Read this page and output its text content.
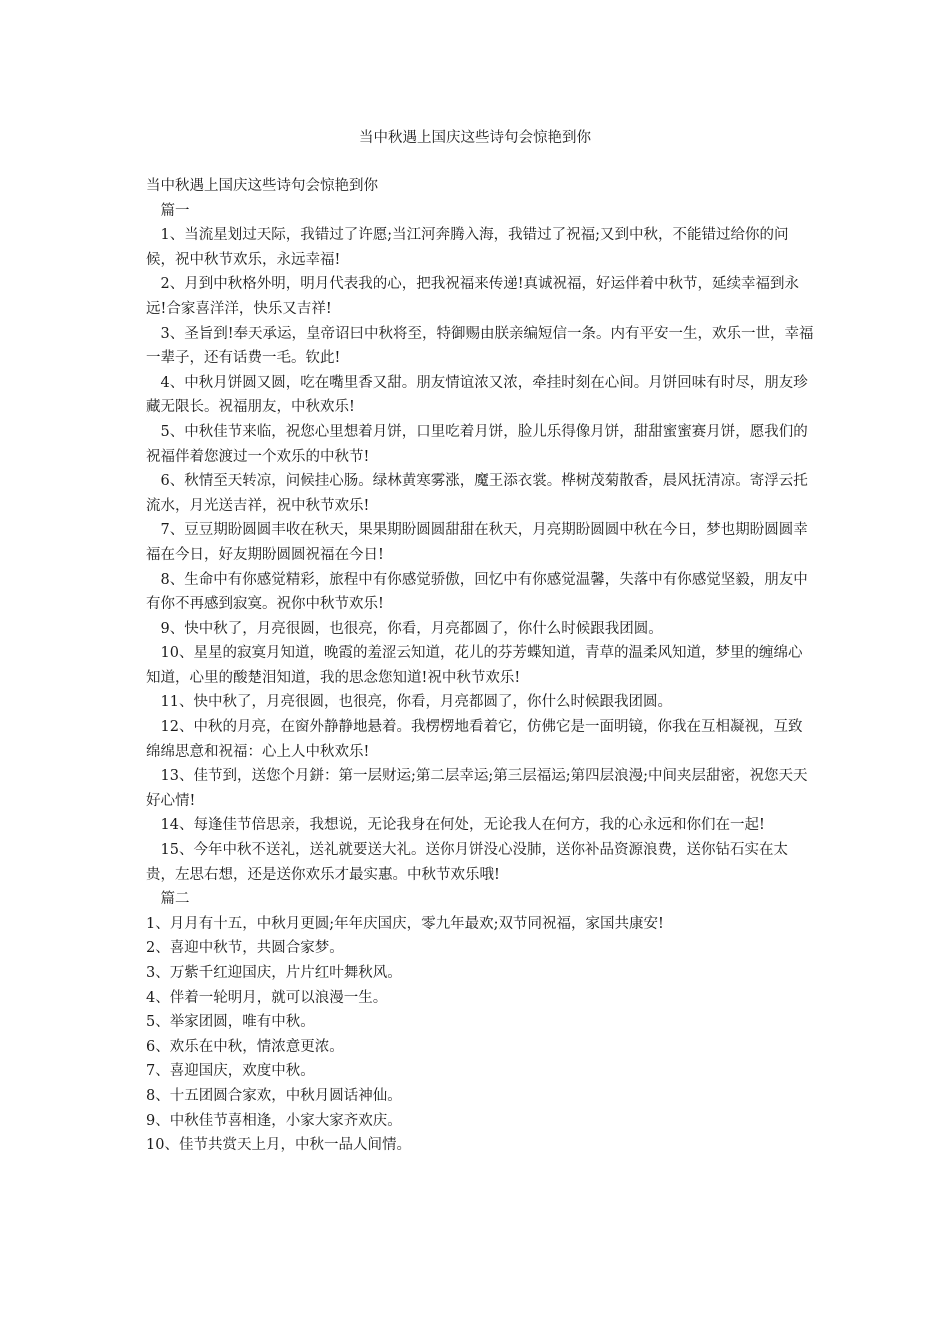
当中秋遇上国庆这些诗句会惊艳到你

当中秋遇上国庆这些诗句会惊艳到你

篇一

1、当流星划过天际，我错过了许愿;当江河奔腾入海，我错过了祝福;又到中秋，不能错过给你的问候，祝中秋节欢乐，永远幸福!

2、月到中秋格外明，明月代表我的心，把我祝福来传递!真诚祝福，好运伴着中秋节，延续幸福到永远!合家喜洋洋，快乐又吉祥!

3、圣旨到!奉天承运，皇帝诏曰中秋将至，特御赐由朕亲编短信一条。内有平安一生，欢乐一世，幸福一辈子，还有话费一毛。钦此!

4、中秋月饼圆又圆，吃在嘴里香又甜。朋友情谊浓又浓，牵挂时刻在心间。月饼回味有时尽，朋友珍藏无限长。祝福朋友，中秋欢乐!

5、中秋佳节来临，祝您心里想着月饼，口里吃着月饼，脸儿乐得像月饼，甜甜蜜蜜赛月饼，愿我们的祝福伴着您渡过一个欢乐的中秋节!

6、秋情至天转凉，问候挂心肠。绿林黄寒雾涨，魔王添衣裳。桦树茂菊散香，晨风抚清凉。寄浮云托流水，月光送吉祥，祝中秋节欢乐!

7、豆豆期盼圆圆丰收在秋天，果果期盼圆圆甜甜在秋天，月亮期盼圆圆中秋在今日，梦也期盼圆圆幸福在今日，好友期盼圆圆祝福在今日!

8、生命中有你感觉精彩，旅程中有你感觉骄傲，回忆中有你感觉温馨，失落中有你感觉坚毅，朋友中有你不再感到寂寞。祝你中秋节欢乐!

9、快中秋了，月亮很圆，也很亮，你看，月亮都圆了，你什么时候跟我团圆。

10、星星的寂寞月知道，晚霞的羞涩云知道，花儿的芬芳蝶知道，青草的温柔风知道，梦里的缠绵心知道，心里的酸楚泪知道，我的思念您知道!祝中秋节欢乐!

11、快中秋了，月亮很圆，也很亮，你看，月亮都圆了，你什么时候跟我团圆。

12、中秋的月亮，在窗外静静地悬着。我楞楞地看着它，仿佛它是一面明镜，你我在互相凝视，互致绵绵思意和祝福：心上人中秋欢乐!

13、佳节到，送您个月鉼：第一层财运;第二层幸运;第三层福运;第四层浪漫;中间夹层甜密，祝您天天好心情!

14、每逢佳节倍思亲，我想说，无论我身在何处，无论我人在何方，我的心永远和你们在一起!

15、今年中秋不送礼，送礼就要送大礼。送你月饼没心没肺，送你补品资源浪费，送你钻石实在太贵，左思右想，还是送你欢乐才最实惠。中秋节欢乐哦!

篇二

1、月月有十五，中秋月更圆;年年庆国庆，零九年最欢;双节同祝福，家国共康安!

2、喜迎中秋节，共圆合家梦。

3、万紫千红迎国庆，片片红叶舞秋风。

4、伴着一轮明月，就可以浪漫一生。

5、举家团圆，唯有中秋。

6、欢乐在中秋，情浓意更浓。

7、喜迎国庆，欢度中秋。

8、十五团圆合家欢，中秋月圆话神仙。

9、中秋佳节喜相逢，小家大家齐欢庆。

10、佳节共赏天上月，中秋一品人间情。
